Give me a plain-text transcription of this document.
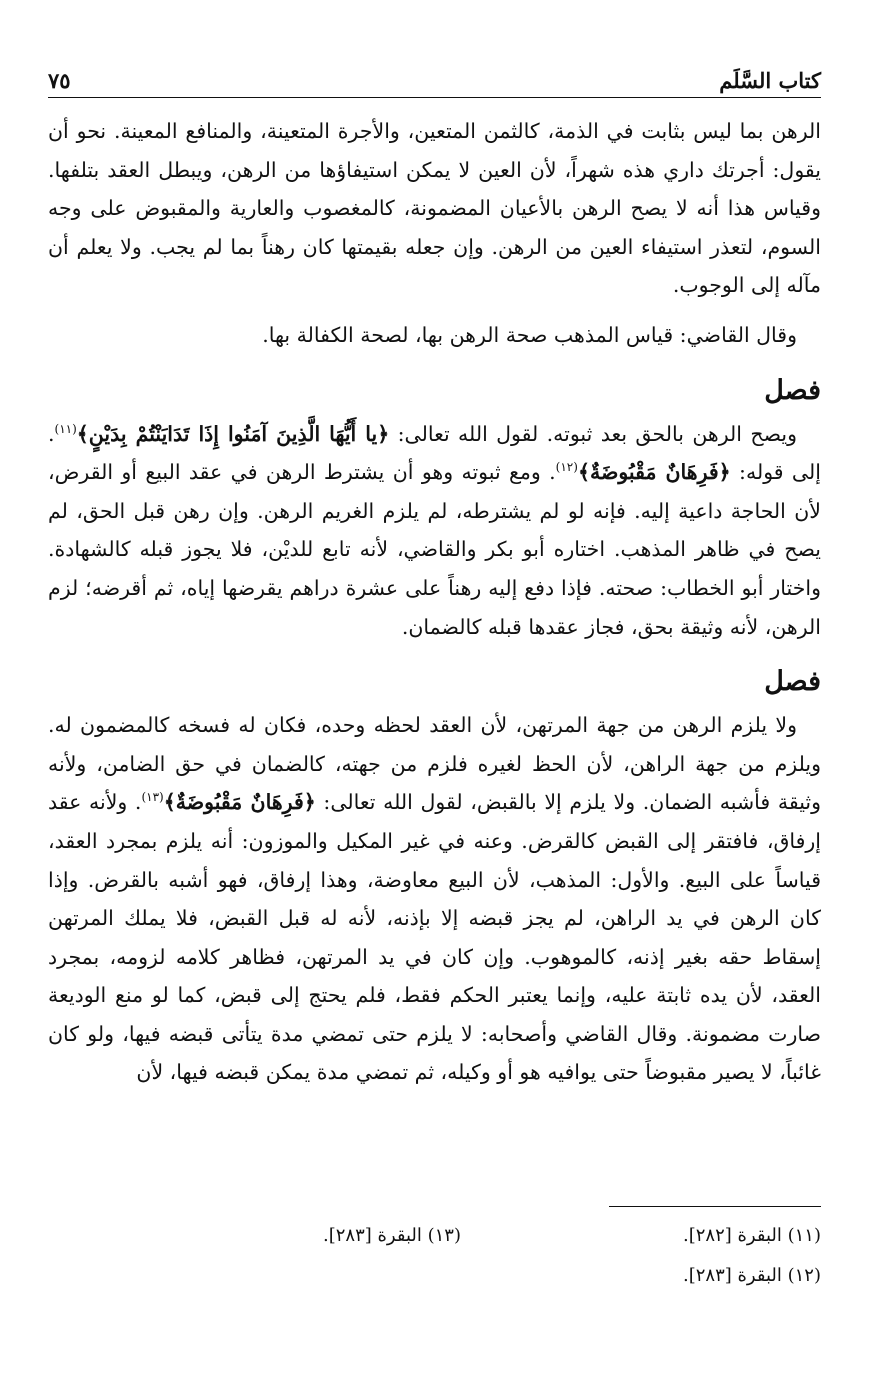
كتاب السَّلَم
٧٥

الرهن بما ليس بثابت في الذمة، كالثمن المتعين، والأجرة المتعينة، والمنافع المعينة. نحو أن يقول: أجرتك داري هذه شهراً، لأن العين لا يمكن استيفاؤها من الرهن، ويبطل العقد بتلفها. وقياس هذا أنه لا يصح الرهن بالأعيان المضمونة، كالمغصوب والعارية والمقبوض على وجه السوم، لتعذر استيفاء العين من الرهن. وإن جعله بقيمتها كان رهناً بما لم يجب. ولا يعلم أن مآله إلى الوجوب.

وقال القاضي: قياس المذهب صحة الرهن بها، لصحة الكفالة بها.

فصل

ويصح الرهن بالحق بعد ثبوته. لقول الله تعالى: ﴿يا أَيُّهَا الَّذِينَ آمَنُوا إِذَا تَدَايَنْتُمْ بِدَيْنٍ﴾$^{(١١)}$. إلى قوله: ﴿فَرِهَانٌ مَقْبُوضَةٌ﴾$^{(١٢)}$. ومع ثبوته وهو أن يشترط الرهن في عقد البيع أو القرض، لأن الحاجة داعية إليه. فإنه لو لم يشترطه، لم يلزم الغريم الرهن. وإن رهن قبل الحق، لم يصح في ظاهر المذهب. اختاره أبو بكر والقاضي، لأنه تابع للديْن، فلا يجوز قبله كالشهادة. واختار أبو الخطاب: صحته. فإذا دفع إليه رهناً على عشرة دراهم يقرضها إياه، ثم أقرضه؛ لزم الرهن، لأنه وثيقة بحق، فجاز عقدها قبله كالضمان.

فصل

ولا يلزم الرهن من جهة المرتهن، لأن العقد لحظه وحده، فكان له فسخه كالمضمون له. ويلزم من جهة الراهن، لأن الحظ لغيره فلزم من جهته، كالضمان في حق الضامن، ولأنه وثيقة فأشبه الضمان. ولا يلزم إلا بالقبض، لقول الله تعالى: ﴿فَرِهَانٌ مَقْبُوضَةٌ﴾$^{(١٣)}$. ولأنه عقد إرفاق، فافتقر إلى القبض كالقرض. وعنه في غير المكيل والموزون: أنه يلزم بمجرد العقد، قياساً على البيع. والأول: المذهب، لأن البيع معاوضة، وهذا إرفاق، فهو أشبه بالقرض. وإذا كان الرهن في يد الراهن، لم يجز قبضه إلا بإذنه، لأنه له قبل القبض، فلا يملك المرتهن إسقاط حقه بغير إذنه، كالموهوب. وإن كان في يد المرتهن، فظاهر كلامه لزومه، بمجرد العقد، لأن يده ثابتة عليه، وإنما يعتبر الحكم فقط، فلم يحتج إلى قبض، كما لو منع الوديعة صارت مضمونة. وقال القاضي وأصحابه: لا يلزم حتى تمضي مدة يتأتى قبضه فيها، ولو كان غائباً، لا يصير مقبوضاً حتى يوافيه هو أو وكيله، ثم تمضي مدة يمكن قبضه فيها، لأن

(١١) البقرة [٢٨٢].
(١٣) البقرة [٢٨٣].
(١٢) البقرة [٢٨٣].
